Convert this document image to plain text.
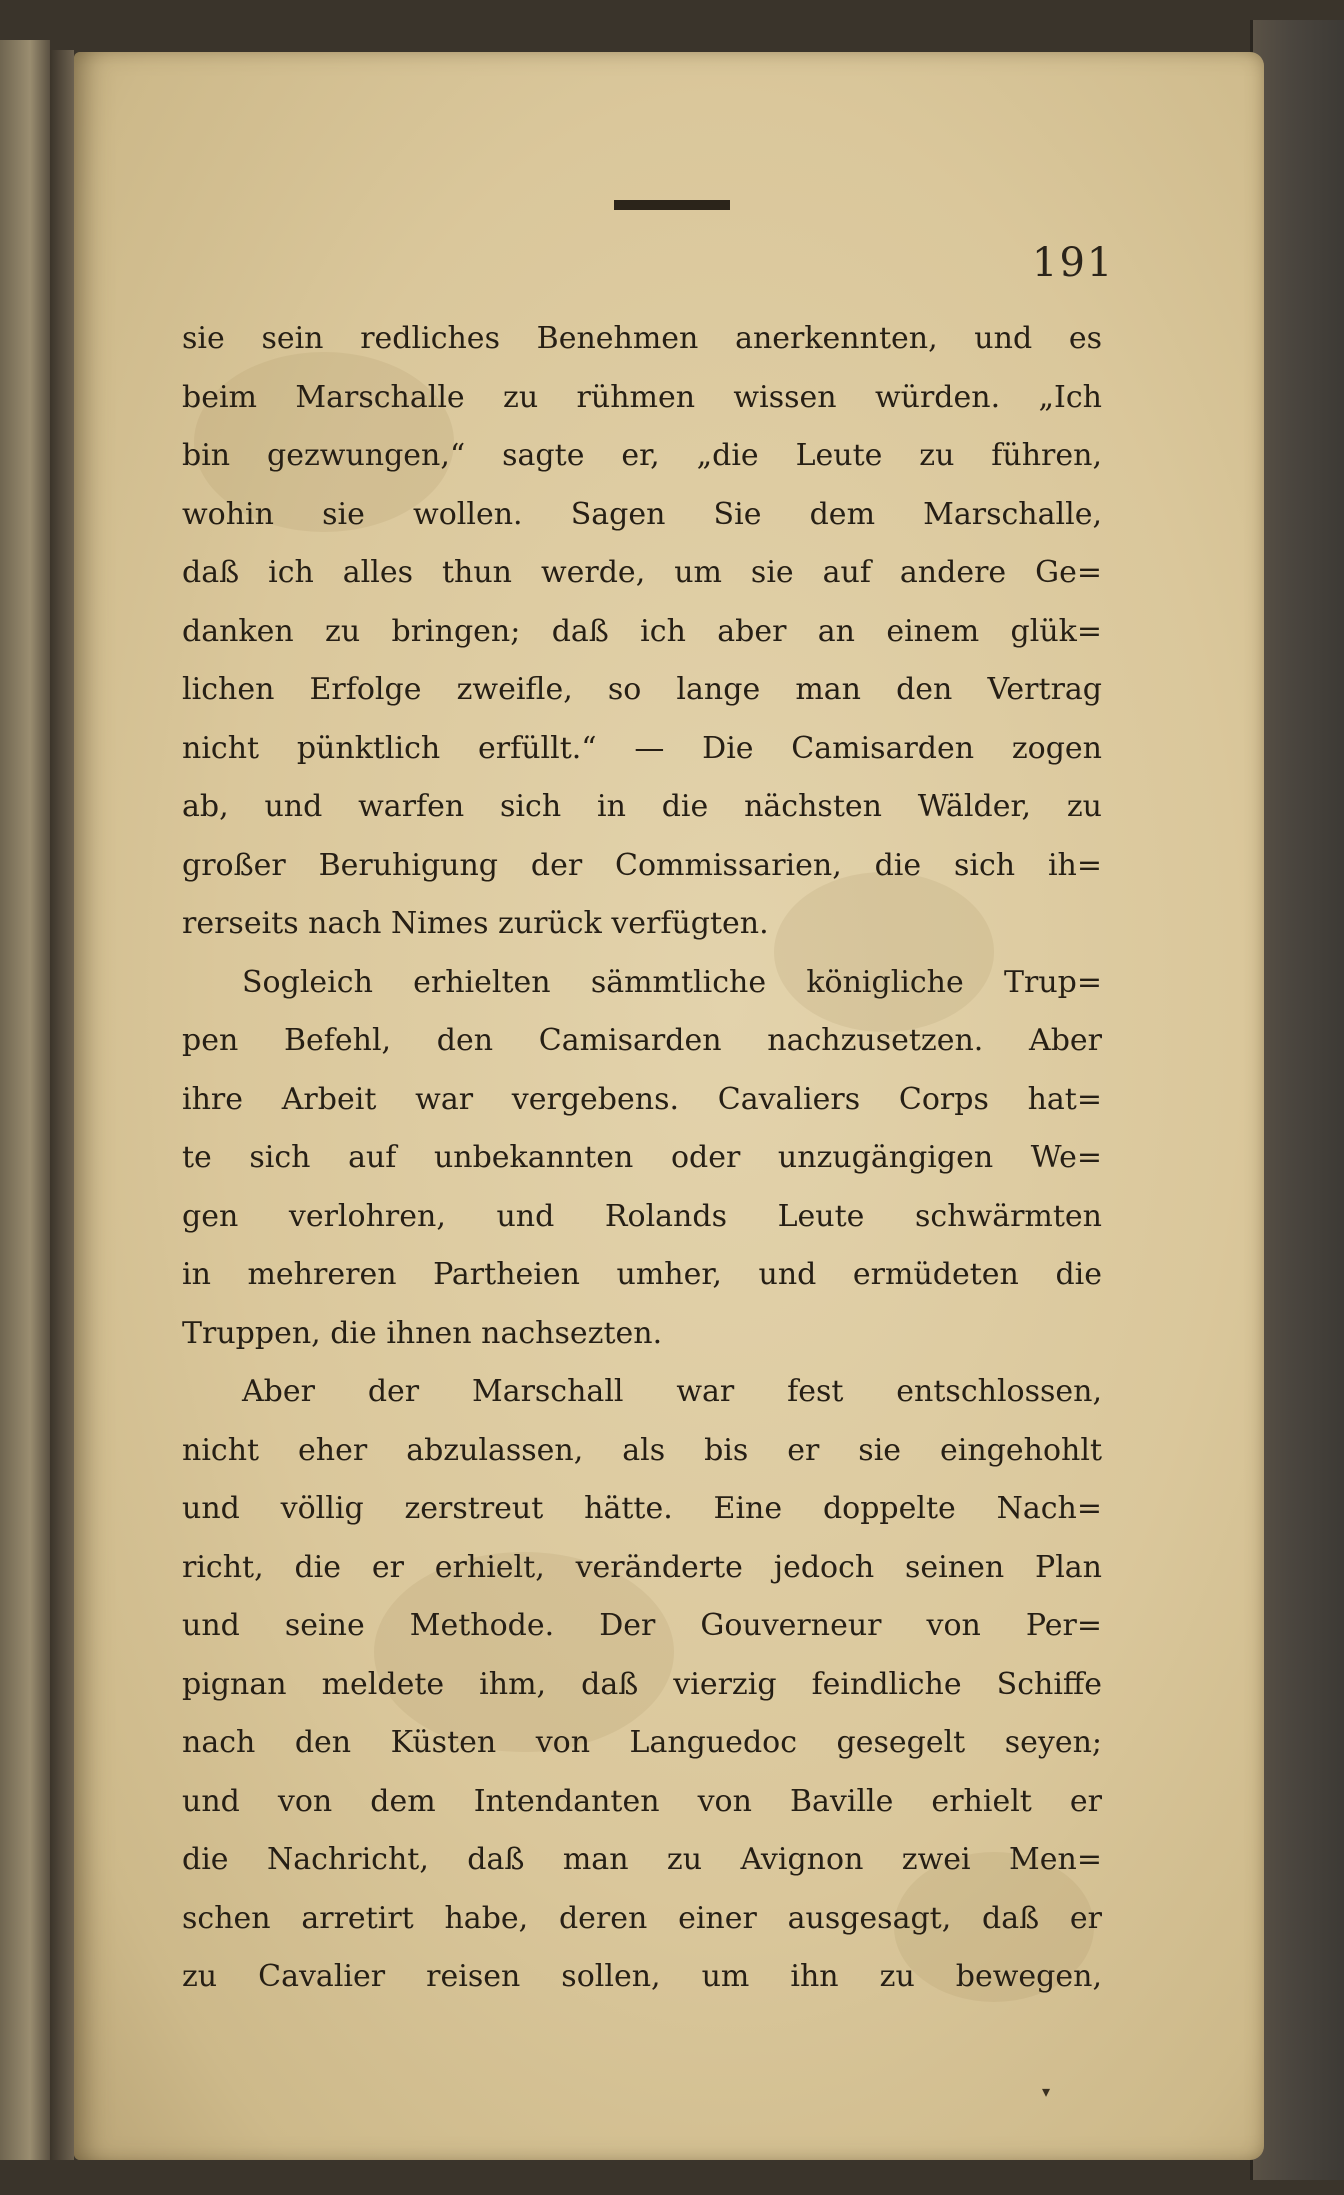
191

sie sein redliches Benehmen anerkennten, und es
beim Marschalle zu rühmen wissen würden. „Ich
bin gezwungen,“ sagte er, „die Leute zu führen,
wohin sie wollen. Sagen Sie dem Marschalle,
daß ich alles thun werde, um sie auf andere Ge=
danken zu bringen; daß ich aber an einem glük=
lichen Erfolge zweifle, so lange man den Vertrag
nicht pünktlich erfüllt.“ — Die Camisarden zogen
ab, und warfen sich in die nächsten Wälder, zu
großer Beruhigung der Commissarien, die sich ih=
rerseits nach Nimes zurück verfügten.
Sogleich erhielten sämmtliche königliche Trup=
pen Befehl, den Camisarden nachzusetzen. Aber
ihre Arbeit war vergebens. Cavaliers Corps hat=
te sich auf unbekannten oder unzugängigen We=
gen verlohren, und Rolands Leute schwärmten
in mehreren Partheien umher, und ermüdeten die
Truppen, die ihnen nachsezten.
Aber der Marschall war fest entschlossen,
nicht eher abzulassen, als bis er sie eingehohlt
und völlig zerstreut hätte. Eine doppelte Nach=
richt, die er erhielt, veränderte jedoch seinen Plan
und seine Methode. Der Gouverneur von Per=
pignan meldete ihm, daß vierzig feindliche Schiffe
nach den Küsten von Languedoc gesegelt seyen;
und von dem Intendanten von Baville erhielt er
die Nachricht, daß man zu Avignon zwei Men=
schen arretirt habe, deren einer ausgesagt, daß er
zu Cavalier reisen sollen, um ihn zu bewegen,
▾
